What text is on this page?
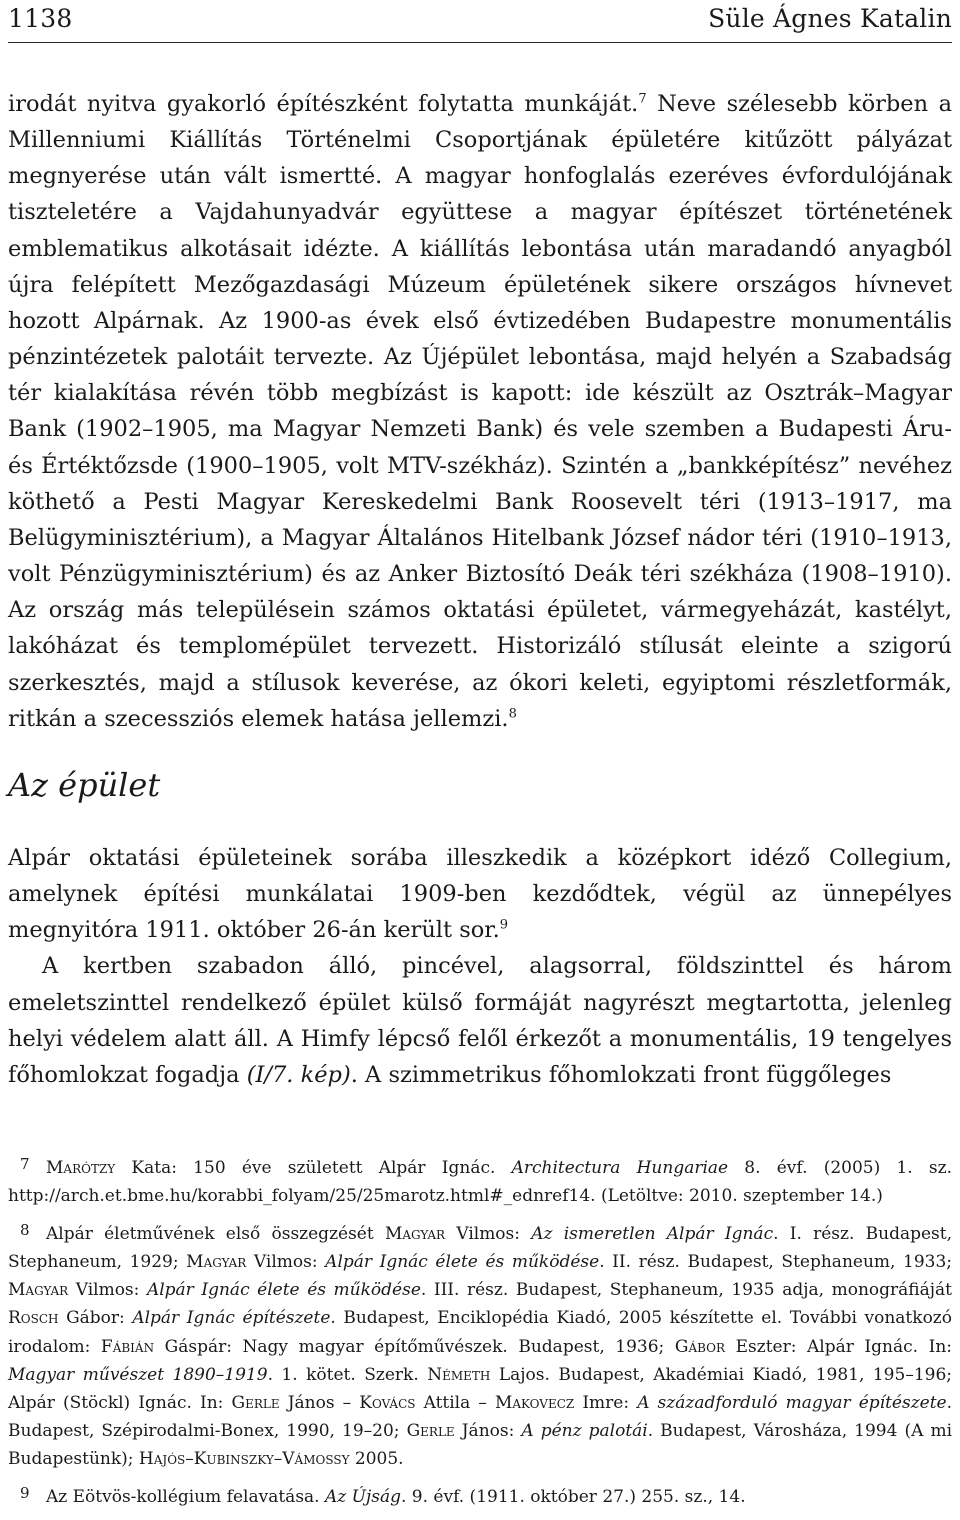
1138	Süle Ágnes Katalin

irodát nyitva gyakorló építészként folytatta munkáját.$^7$ Neve szélesebb körben a Millenniumi Kiállítás Történelmi Csoportjának épületére kitűzött pályázat megnyerése után vált ismertté. A magyar honfoglalás ezeréves évfordulójának tiszteletére a Vajdahunyadvár együttese a magyar építészet történetének emblematikus alkotásait idézte. A kiállítás lebontása után maradandó anyagból újra felépített Mezőgazdasági Múzeum épületének sikere országos hívnevet hozott Alpárnak. Az 1900-as évek első évtizedében Budapestre monumentális pénzintézetek palotáit tervezte. Az Újépület lebontása, majd helyén a Szabadság tér kialakítása révén több megbízást is kapott: ide készült az Osztrák–Magyar Bank (1902–1905, ma Magyar Nemzeti Bank) és vele szemben a Budapesti Áru- és Értéktőzsde (1900–1905, volt MTV-székház). Szintén a „bankképítész” nevéhez köthető a Pesti Magyar Kereskedelmi Bank Roosevelt téri (1913–1917, ma Belügyminisztérium), a Magyar Általános Hitelbank József nádor téri (1910–1913, volt Pénzügyminisztérium) és az Anker Biztosító Deák téri székháza (1908–1910). Az ország más településein számos oktatási épületet, vármegyeházát, kastélyt, lakóházat és templomépület tervezett. Historizáló stílusát eleinte a szigorú szerkesztés, majd a stílusok keverése, az ókori keleti, egyiptomi részletformák, ritkán a szecessziós elemek hatása jellemzi.$^8$

Az épület

Alpár oktatási épületeinek sorába illeszkedik a középkort idéző Collegium, amelynek építési munkálatai 1909-ben kezdődtek, végül az ünnepélyes megnyitóra 1911. október 26-án került sor.$^9$

A kertben szabadon álló, pincével, alagsorral, földszinttel és három emeletszinttel rendelkező épület külső formáját nagyrészt megtartotta, jelenleg helyi védelem alatt áll. A Himfy lépcső felől érkezőt a monumentális, 19 tengelyes főhomlokzat fogadja (I/7. kép). A szimmetrikus főhomlokzati front függőleges

7 Marótzy Kata: 150 éve született Alpár Ignác. Architectura Hungariae 8. évf. (2005) 1. sz. http://arch.et.bme.hu/korabbi_folyam/25/25marotz.html#_ednref14. (Letöltve: 2010. szeptember 14.)

8 Alpár életművének első összegzését Magyar Vilmos: Az ismeretlen Alpár Ignác. I. rész. Budapest, Stephaneum, 1929; Magyar Vilmos: Alpár Ignác élete és működése. II. rész. Budapest, Stephaneum, 1933; Magyar Vilmos: Alpár Ignác élete és működése. III. rész. Budapest, Stephaneum, 1935 adja, monográfiáját Rosch Gábor: Alpár Ignác építészete. Budapest, Enciklopédia Kiadó, 2005 készítette el. További vonatkozó irodalom: Fábián Gáspár: Nagy magyar építőművészek. Budapest, 1936; Gábor Eszter: Alpár Ignác. In: Magyar művészet 1890–1919. 1. kötet. Szerk. Németh Lajos. Budapest, Akadémiai Kiadó, 1981, 195–196; Alpár (Stöckl) Ignác. In: Gerle János – Kovács Attila – Makovecz Imre: A századforduló magyar építészete. Budapest, Szépirodalmi-Bonex, 1990, 19–20; Gerle János: A pénz palotái. Budapest, Városháza, 1994 (A mi Budapestünk); Hajós–Kubinszky–Vámossy 2005.

9 Az Eötvös-kollégium felavatása. Az Újság. 9. évf. (1911. október 27.) 255. sz., 14.
